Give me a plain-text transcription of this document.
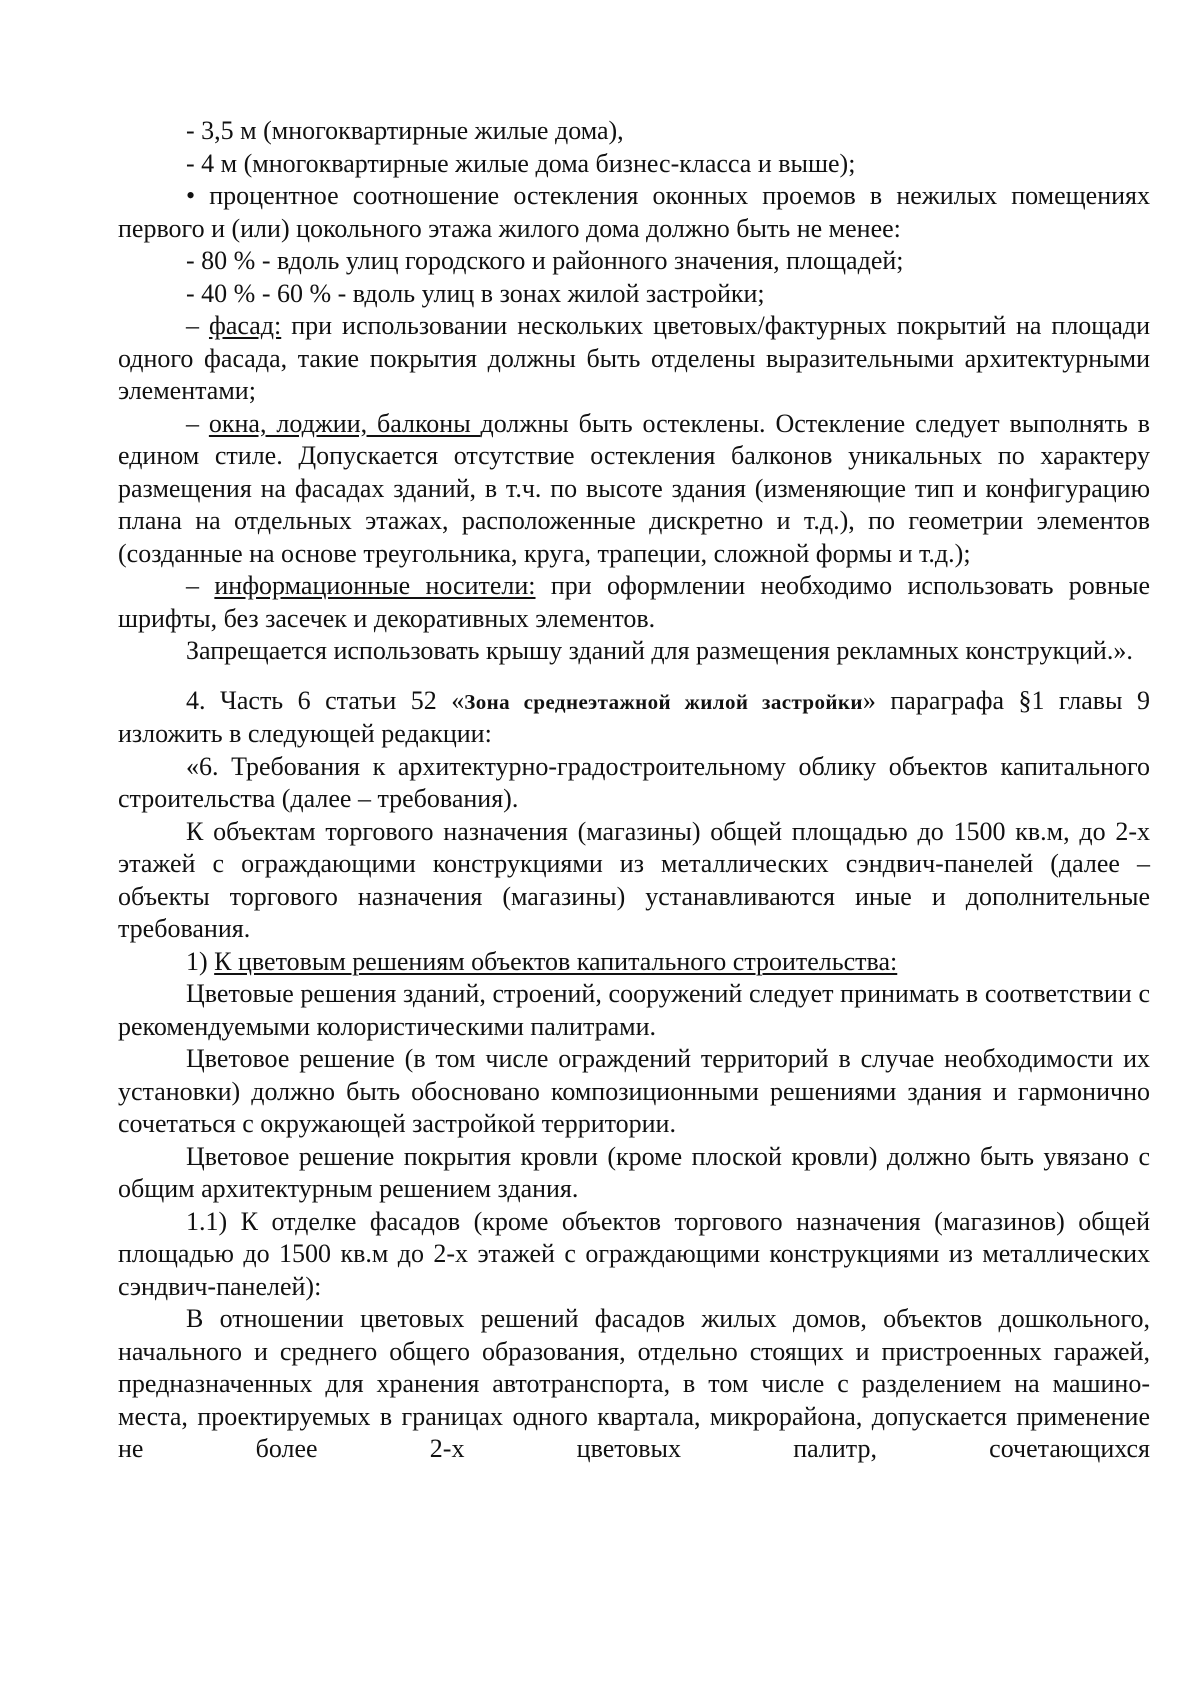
- 3,5 м (многоквартирные жилые дома),

- 4 м (многоквартирные жилые дома бизнес-класса и выше);

• процентное соотношение остекления оконных проемов в нежилых помещениях первого и (или) цокольного этажа жилого дома должно быть не менее:

- 80 % - вдоль улиц городского и районного значения, площадей;

- 40 % - 60 % - вдоль улиц в зонах жилой застройки;

– фасад: при использовании нескольких цветовых/фактурных покрытий на площади одного фасада, такие покрытия должны быть отделены выразительными архитектурными элементами;

– окна, лоджии, балконы должны быть остеклены. Остекление следует выполнять в едином стиле. Допускается отсутствие остекления балконов уникальных по характеру размещения на фасадах зданий, в т.ч. по высоте здания (изменяющие тип и конфигурацию плана на отдельных этажах, расположенные дискретно и т.д.), по геометрии элементов (созданные на основе треугольника, круга, трапеции, сложной формы и т.д.);

– информационные носители: при оформлении необходимо использовать ровные шрифты, без засечек и декоративных элементов.

Запрещается использовать крышу зданий для размещения рекламных конструкций.».

4. Часть 6 статьи 52 «Зона среднеэтажной жилой застройки» параграфа §1 главы 9 изложить в следующей редакции:

«6. Требования к архитектурно-градостроительному облику объектов капитального строительства (далее – требования).

К объектам торгового назначения (магазины) общей площадью до 1500 кв.м, до 2-х этажей с ограждающими конструкциями из металлических сэндвич-панелей (далее – объекты торгового назначения (магазины) устанавливаются иные и дополнительные требования.

1) К цветовым решениям объектов капитального строительства:

Цветовые решения зданий, строений, сооружений следует принимать в соответствии с рекомендуемыми колористическими палитрами.

Цветовое решение (в том числе ограждений территорий в случае необходимости их установки) должно быть обосновано композиционными решениями здания и гармонично сочетаться с окружающей застройкой территории.

Цветовое решение покрытия кровли (кроме плоской кровли) должно быть увязано с общим архитектурным решением здания.

1.1) К отделке фасадов (кроме объектов торгового назначения (магазинов) общей площадью до 1500 кв.м до 2-х этажей с ограждающими конструкциями из металлических сэндвич-панелей):

В отношении цветовых решений фасадов жилых домов, объектов дошкольного, начального и среднего общего образования, отдельно стоящих и пристроенных гаражей, предназначенных для хранения автотранспорта, в том числе с разделением на машино-места, проектируемых в границах одного квартала, микрорайона, допускается применение не более 2-х цветовых палитр, сочетающихся
